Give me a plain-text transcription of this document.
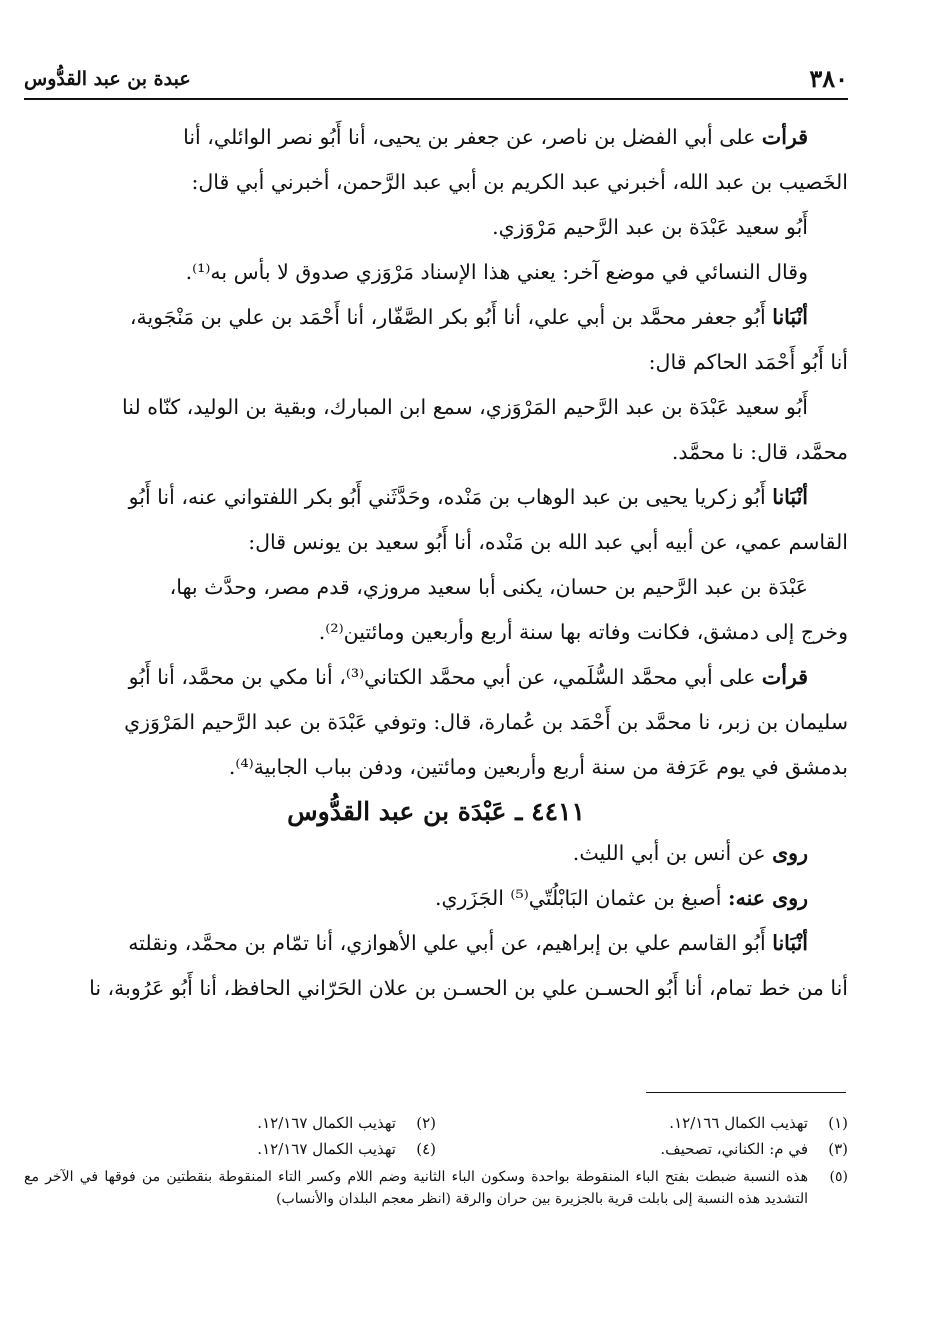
٣٨٠
عبدة بن عبد القدُّوس
قرأت على أبي الفضل بن ناصر، عن جعفر بن يحيى، أنا أَبُو نصر الوائلي، أنا
الخَصيب بن عبد الله، أخبرني عبد الكريم بن أبي عبد الرَّحمن، أخبرني أبي قال:
أَبُو سعيد عَبْدَة بن عبد الرَّحيم مَرْوَزي.
وقال النسائي في موضع آخر: يعني هذا الإسناد مَرْوَزي صدوق لا بأس به⁽¹⁾.
أنْبَانا أَبُو جعفر محمَّد بن أبي علي، أنا أَبُو بكر الصَّفّار، أنا أَحْمَد بن علي بن مَنْجَوية،
أنا أَبُو أَحْمَد الحاكم قال:
أَبُو سعيد عَبْدَة بن عبد الرَّحيم المَرْوَزي، سمع ابن المبارك، وبقية بن الوليد، كنّاه لنا
محمَّد، قال: نا محمَّد.
أنْبَانا أَبُو زكريا يحيى بن عبد الوهاب بن مَنْده، وحَدَّثَني أَبُو بكر اللفتواني عنه، أنا أَبُو
القاسم عمي، عن أبيه أبي عبد الله بن مَنْده، أنا أَبُو سعيد بن يونس قال:
عَبْدَة بن عبد الرَّحيم بن حسان، يكنى أبا سعيد مروزي، قدم مصر، وحدَّث بها،
وخرج إلى دمشق، فكانت وفاته بها سنة أربع وأربعين ومائتين⁽²⁾.
قرأت على أبي محمَّد السُّلَمي، عن أبي محمَّد الكتاني⁽³⁾، أنا مكي بن محمَّد، أنا أَبُو
سليمان بن زبر، نا محمَّد بن أَحْمَد بن عُمارة، قال: وتوفي عَبْدَة بن عبد الرَّحيم المَرْوَزي
بدمشق في يوم عَرَفة من سنة أربع وأربعين ومائتين، ودفن بباب الجابية⁽⁴⁾.
٤٤١١ ـ عَبْدَة بن عبد القدُّوس
روى عن أنس بن أبي الليث.
روى عنه: أصبغ بن عثمان البَابْلُتّي⁽⁵⁾ الجَزَري.
أنْبَانا أَبُو القاسم علي بن إبراهيم، عن أبي علي الأهوازي، أنا تمّام بن محمَّد، ونقلته
أنا من خط تمام، أنا أَبُو الحسـن علي بن الحسـن بن علان الحَرّاني الحافظ، أنا أَبُو عَرُوبة، نا
(١)
تهذيب الكمال ١٢/١٦٦.
(٢)
تهذيب الكمال ١٢/١٦٧.
(٣)
في م: الكناني، تصحيف.
(٤)
تهذيب الكمال ١٢/١٦٧.
(٥)
هذه النسبة ضبطت بفتح الباء المنقوطة بواحدة وسكون الباء الثانية وضم اللام وكسر التاء المنقوطة بنقطتين من فوقها في الآخر مع التشديد هذه النسبة إلى بابلت قرية بالجزيرة بين حران والرقة (انظر معجم البلدان والأنساب)
